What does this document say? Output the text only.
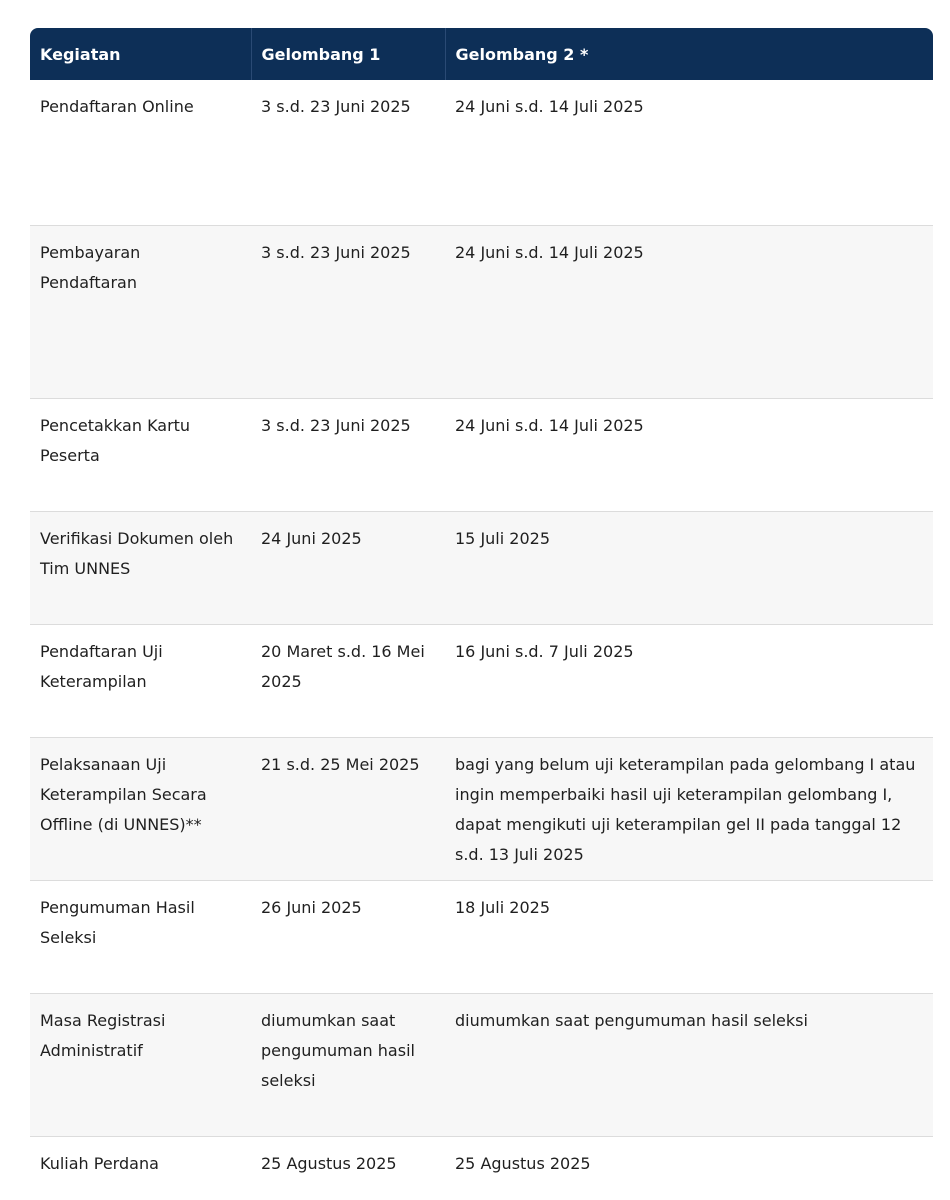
Kegiatan	Gelombang 1	Gelombang 2 *
Pendaftaran Online	3 s.d. 23 Juni 2025	24 Juni s.d. 14 Juli 2025
Pembayaran Pendaftaran	3 s.d. 23 Juni 2025	24 Juni s.d. 14 Juli 2025
Pencetakkan Kartu Peserta	3 s.d. 23 Juni 2025	24 Juni s.d. 14 Juli 2025
Verifikasi Dokumen oleh Tim UNNES	24 Juni 2025	15 Juli 2025
Pendaftaran Uji Keterampilan	20 Maret s.d. 16 Mei 2025	16 Juni s.d. 7 Juli 2025
Pelaksanaan Uji Keterampilan Secara Offline (di UNNES)**	21 s.d. 25 Mei 2025	bagi yang belum uji keterampilan pada gelombang I atau ingin memperbaiki hasil uji keterampilan gelombang I, dapat mengikuti uji keterampilan gel II pada tanggal 12 s.d. 13 Juli 2025
Pengumuman Hasil Seleksi	26 Juni 2025	18 Juli 2025
Masa Registrasi Administratif	diumumkan saat pengumuman hasil seleksi	diumumkan saat pengumuman hasil seleksi
Kuliah Perdana	25 Agustus 2025	25 Agustus 2025
